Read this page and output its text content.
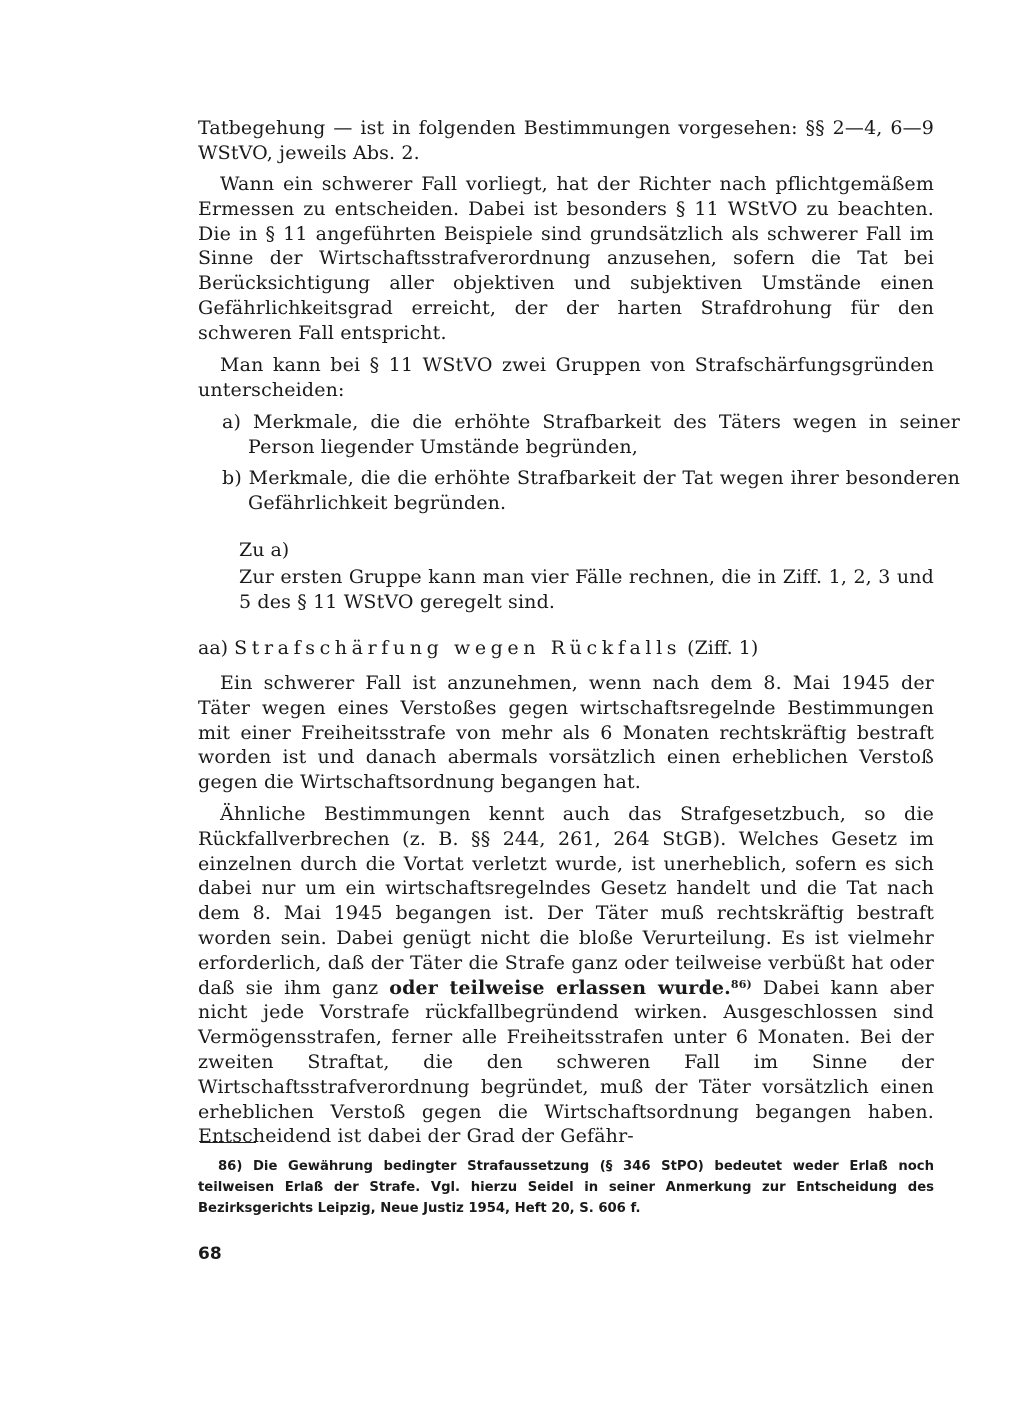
Tatbegehung — ist in folgenden Bestimmungen vorgesehen: §§ 2—4, 6—9 WStVO, jeweils Abs. 2.

Wann ein schwerer Fall vorliegt, hat der Richter nach pflichtgemäßem Ermessen zu entscheiden. Dabei ist besonders § 11 WStVO zu beachten. Die in § 11 angeführten Beispiele sind grundsätzlich als schwerer Fall im Sinne der Wirtschaftsstrafverordnung anzusehen, sofern die Tat bei Berücksichtigung aller objektiven und subjektiven Umstände einen Gefährlichkeitsgrad erreicht, der der harten Strafdrohung für den schweren Fall entspricht.

Man kann bei § 11 WStVO zwei Gruppen von Strafschärfungsgründen unterscheiden:

a) Merkmale, die die erhöhte Strafbarkeit des Täters wegen in seiner Person liegender Umstände begründen,

b) Merkmale, die die erhöhte Strafbarkeit der Tat wegen ihrer besonderen Gefährlichkeit begründen.

Zu a)

Zur ersten Gruppe kann man vier Fälle rechnen, die in Ziff. 1, 2, 3 und 5 des § 11 WStVO geregelt sind.

aa) Strafschärfung wegen Rückfalls (Ziff. 1)

Ein schwerer Fall ist anzunehmen, wenn nach dem 8. Mai 1945 der Täter wegen eines Verstoßes gegen wirtschaftsregelnde Bestimmungen mit einer Freiheitsstrafe von mehr als 6 Monaten rechtskräftig bestraft worden ist und danach abermals vorsätzlich einen erheblichen Verstoß gegen die Wirtschaftsordnung begangen hat.

Ähnliche Bestimmungen kennt auch das Strafgesetzbuch, so die Rückfallverbrechen (z. B. §§ 244, 261, 264 StGB). Welches Gesetz im einzelnen durch die Vortat verletzt wurde, ist unerheblich, sofern es sich dabei nur um ein wirtschaftsregelndes Gesetz handelt und die Tat nach dem 8. Mai 1945 begangen ist. Der Täter muß rechtskräftig bestraft worden sein. Dabei genügt nicht die bloße Verurteilung. Es ist vielmehr erforderlich, daß der Täter die Strafe ganz oder teilweise verbüßt hat oder daß sie ihm ganz oder teilweise erlassen wurde.$^{86)}$ Dabei kann aber nicht jede Vorstrafe rückfallbegründend wirken. Ausgeschlossen sind Vermögensstrafen, ferner alle Freiheitsstrafen unter 6 Monaten. Bei der zweiten Straftat, die den schweren Fall im Sinne der Wirtschaftsstrafverordnung begründet, muß der Täter vorsätzlich einen erheblichen Verstoß gegen die Wirtschaftsordnung begangen haben. Entscheidend ist dabei der Grad der Gefähr-

86) Die Gewährung bedingter Strafaussetzung (§ 346 StPO) bedeutet weder Erlaß noch teilweisen Erlaß der Strafe. Vgl. hierzu Seidel in seiner Anmerkung zur Entscheidung des Bezirksgerichts Leipzig, Neue Justiz 1954, Heft 20, S. 606 f.

68
